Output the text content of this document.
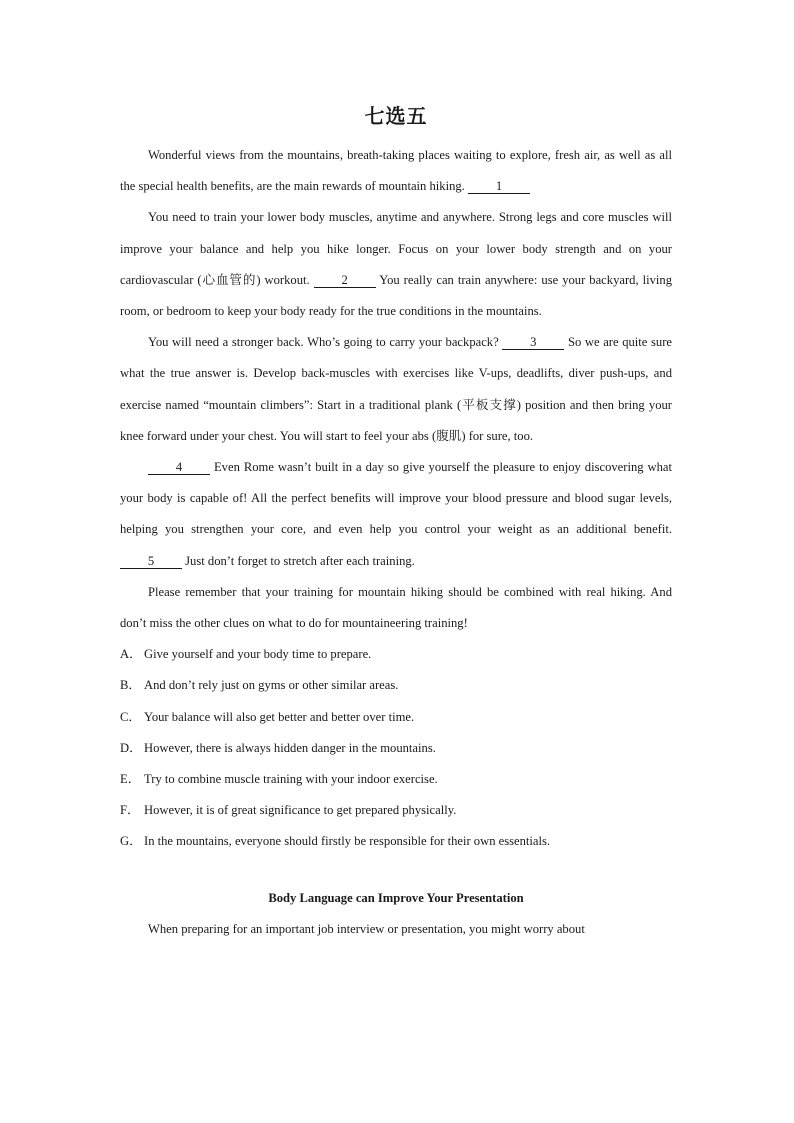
七选五

Wonderful views from the mountains, breath-taking places waiting to explore, fresh air, as well as all the special health benefits, are the main rewards of mountain hiking. 1

You need to train your lower body muscles, anytime and anywhere. Strong legs and core muscles will improve your balance and help you hike longer. Focus on your lower body strength and on your cardiovascular (心血管的) workout.	2 You really can train anywhere: use your backyard, living room, or bedroom to keep your body ready for the true conditions in the mountains.

You will need a stronger back. Who’s going to carry your backpack? 3	So we are quite sure what the true answer is. Develop back-muscles with exercises like V-ups, deadlifts, diver push-ups, and exercise named “mountain climbers”: Start in a traditional plank (平板支撑) position and then bring your knee forward under your chest. You will start to feel your abs (腹肌) for sure, too.

4	Even Rome wasn’t built in a day so give yourself the pleasure to enjoy discovering what your body is capable of! All the perfect benefits will improve your blood pressure and blood sugar levels, helping you strengthen your core, and even help you control your weight as an additional benefit. 5 Just don’t forget to stretch after each training.

Please remember that your training for mountain hiking should be combined with real hiking. And don’t miss the other clues on what to do for mountaineering training!

A． Give yourself and your body time to prepare.
B． And don’t rely just on gyms or other similar areas.
C． Your balance will also get better and better over time.
D． However, there is always hidden danger in the mountains.
E． Try to combine muscle training with your indoor exercise.
F． However, it is of great significance to get prepared physically.
G． In the mountains, everyone should firstly be responsible for their own essentials.
Body Language can Improve Your Presentation

When preparing for an important job interview or presentation, you might worry about
